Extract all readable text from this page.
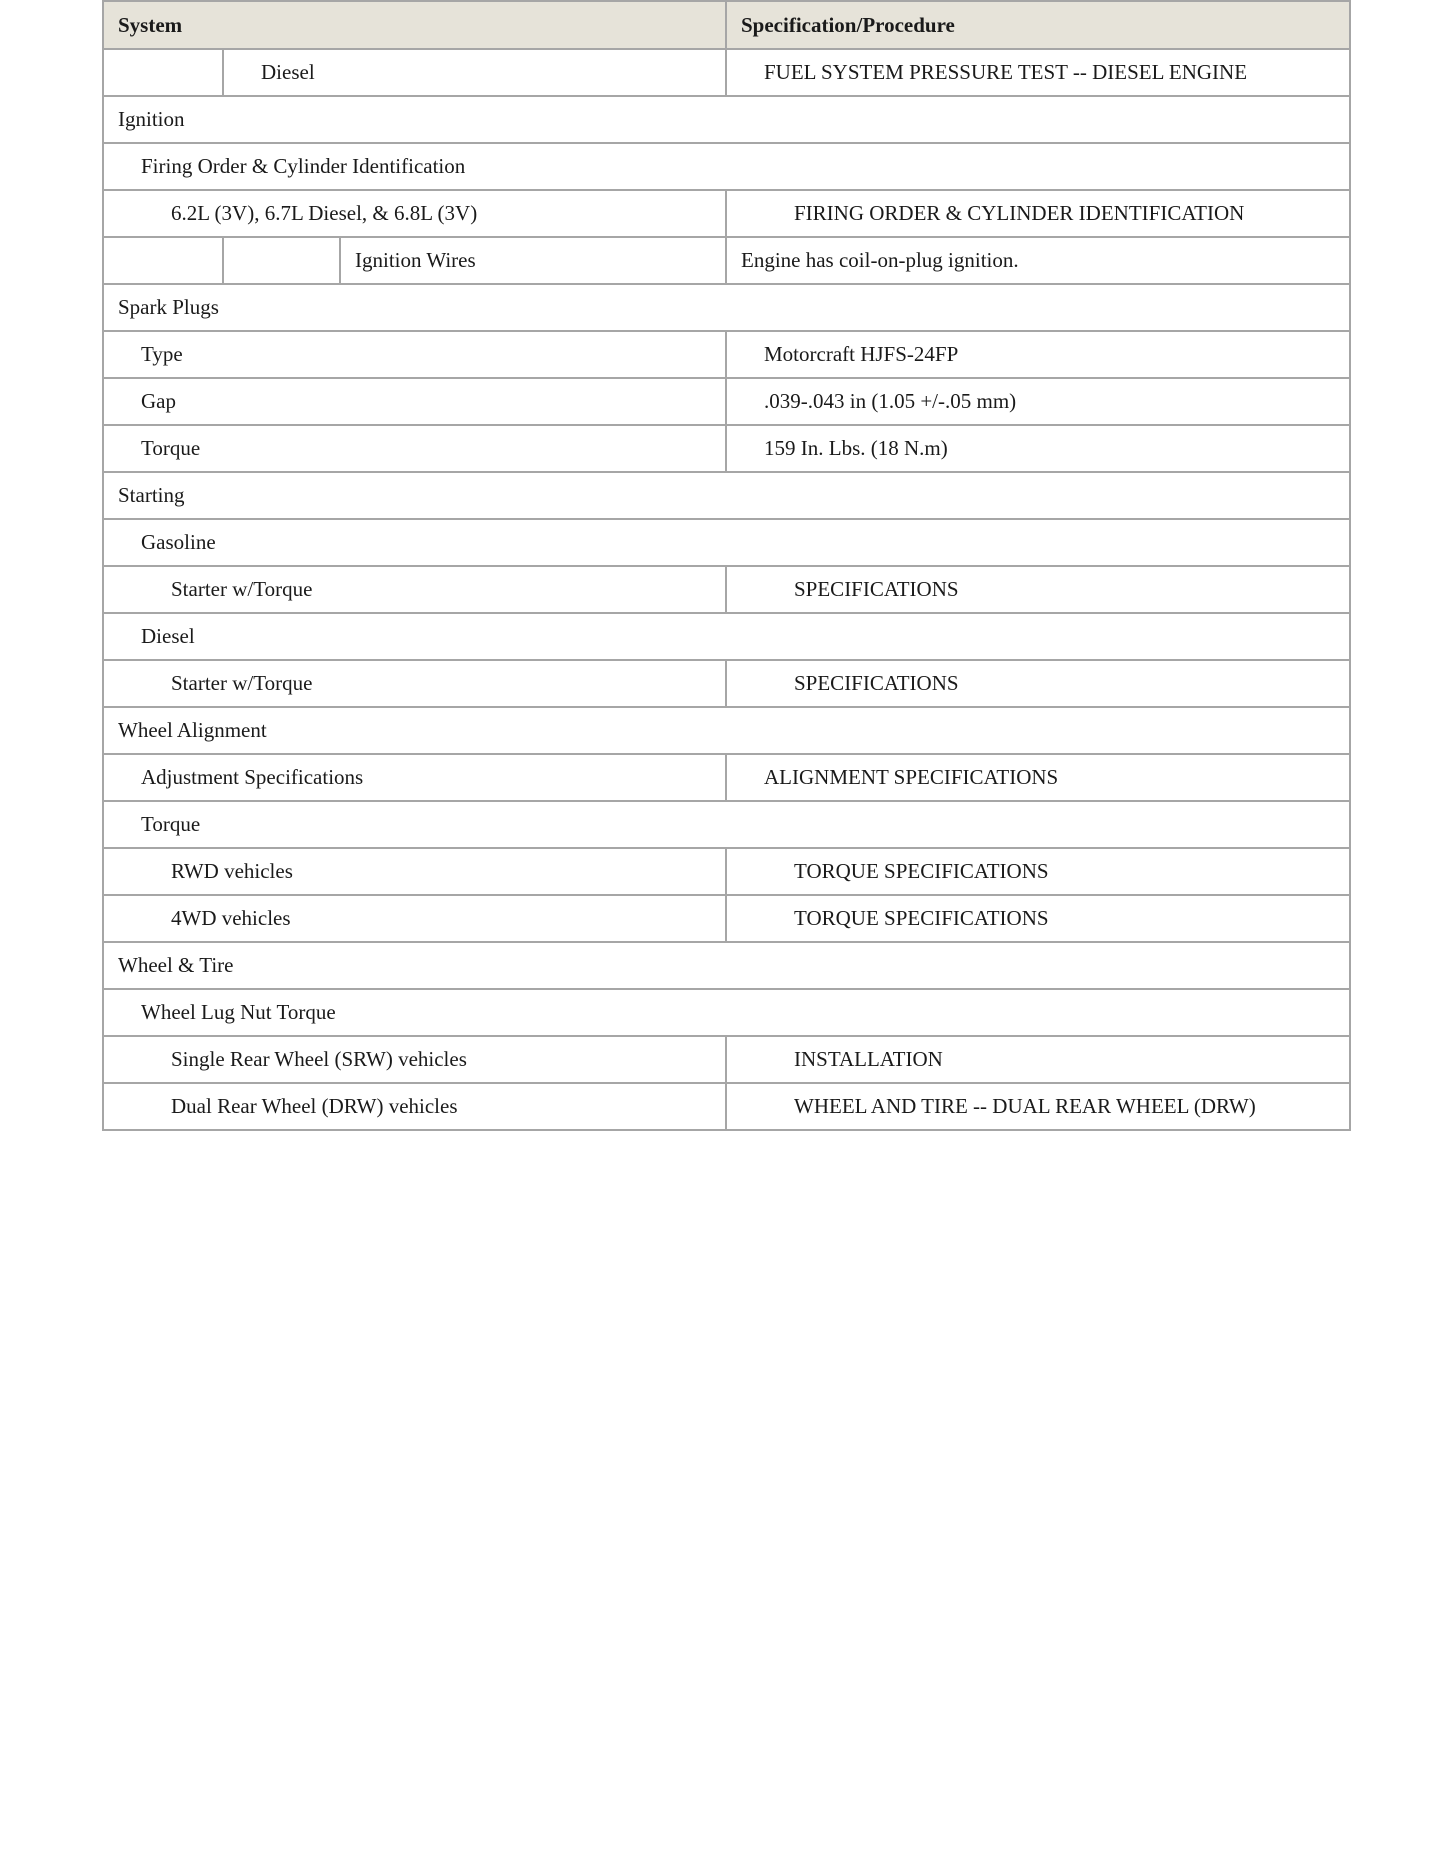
System			Specification/Procedure
	Diesel		FUEL SYSTEM PRESSURE TEST -- DIESEL ENGINE
Ignition			
Firing Order & Cylinder Identification			
6.2L (3V), 6.7L Diesel, & 6.8L (3V)			FIRING ORDER & CYLINDER IDENTIFICATION
		Ignition Wires	Engine has coil-on-plug ignition.
Spark Plugs			
Type			Motorcraft HJFS-24FP
Gap			.039-.043 in (1.05 +/-.05 mm)
Torque			159 In. Lbs. (18 N.m)
Starting			
Gasoline			
Starter w/Torque			SPECIFICATIONS
Diesel			
Starter w/Torque			SPECIFICATIONS
Wheel Alignment			
Adjustment Specifications			ALIGNMENT SPECIFICATIONS
Torque			
RWD vehicles			TORQUE SPECIFICATIONS
4WD vehicles			TORQUE SPECIFICATIONS
Wheel & Tire			
Wheel Lug Nut Torque			
Single Rear Wheel (SRW) vehicles			INSTALLATION
Dual Rear Wheel (DRW) vehicles			WHEEL AND TIRE -- DUAL REAR WHEEL (DRW)
